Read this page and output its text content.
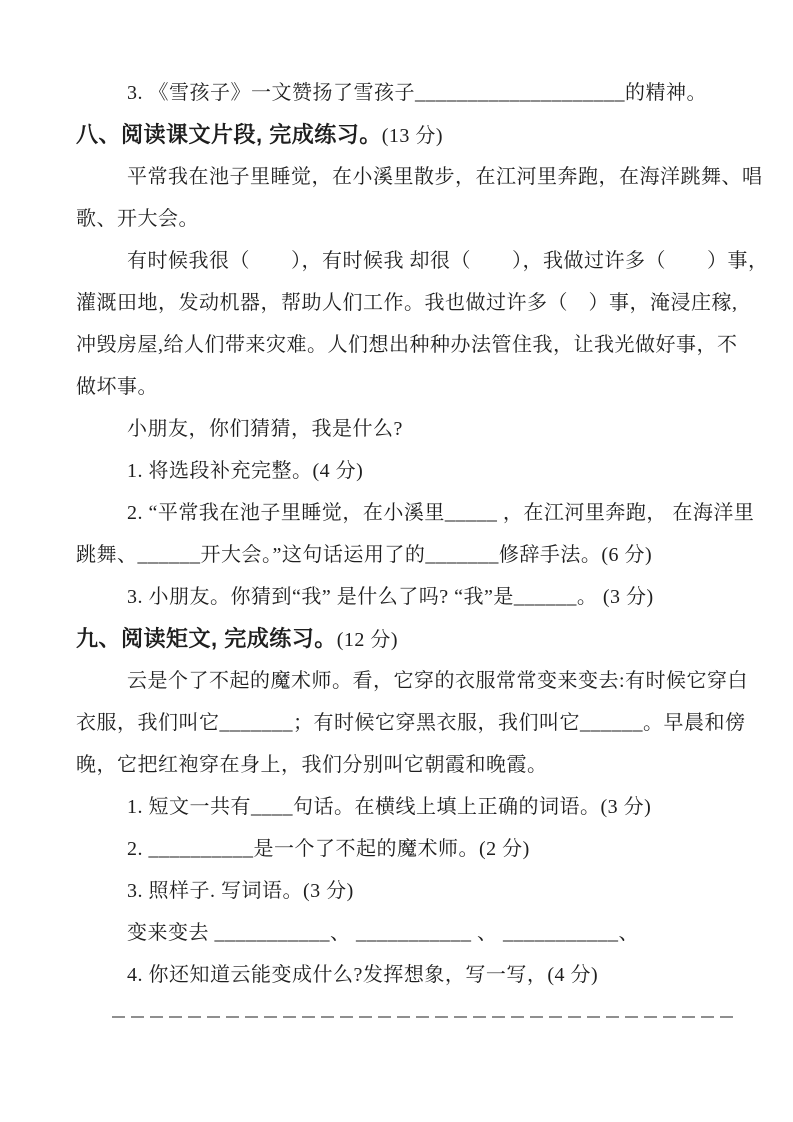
3. 《雪孩子》一文赞扬了雪孩子____________________的精神。
八、阅读课文片段, 完成练习。(13 分)
平常我在池子里睡觉，在小溪里散步，在江河里奔跑，在海洋跳舞、唱
歌、开大会。
有时候我很（　　），有时候我 却很（　　），我做过许多（　　）事，
灌溉田地，发动机器，帮助人们工作。我也做过许多（　）事，淹浸庄稼,
冲毁房屋,给人们带来灾难。人们想出种种办法管住我，让我光做好事，不
做坏事。
小朋友，你们猜猜，我是什么?
1. 将选段补充完整。(4 分)
2. “平常我在池子里睡觉，在小溪里_____ ，在江河里奔跑， 在海洋里
跳舞、______开大会。”这句话运用了的_______修辞手法。(6 分)
3. 小朋友。你猜到“我” 是什么了吗? “我”是______。 (3 分)
九、阅读矩文, 完成练习。(12 分)
云是个了不起的魔术师。看，它穿的衣服常常变来变去:有时候它穿白
衣服，我们叫它_______；有时候它穿黑衣服，我们叫它______。早晨和傍
晚，它把红袍穿在身上，我们分别叫它朝霞和晚霞。
1. 短文一共有____句话。在横线上填上正确的词语。(3 分)
2. __________是一个了不起的魔术师。(2 分)
3. 照样子. 写词语。(3 分)
变来变去 ___________、 ___________ 、 ___________、
4. 你还知道云能变成什么?发挥想象，写一写，(4 分)
